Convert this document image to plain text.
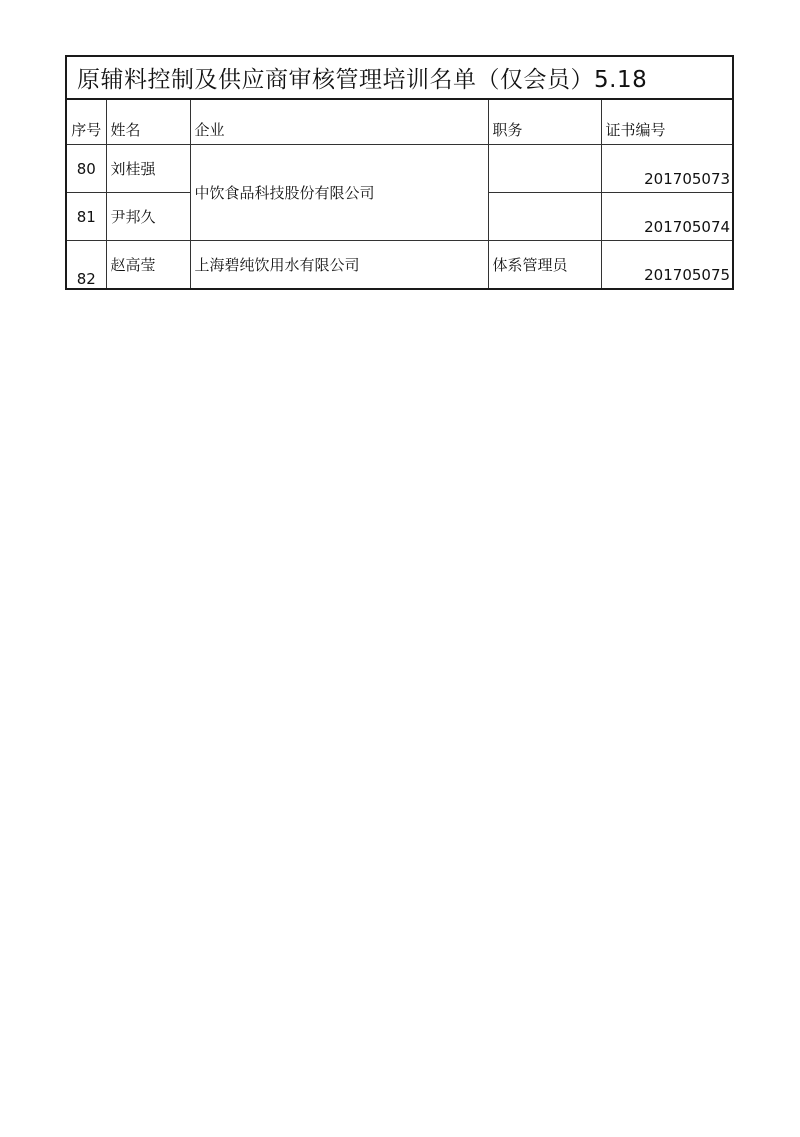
原辅料控制及供应商审核管理培训名单（仅会员）5.18				
序号	姓名	企业	职务	证书编号
80	刘桂强	中饮食品科技股份有限公司		201705073
81	尹邦久			201705074
82	赵高莹	上海碧纯饮用水有限公司	体系管理员	201705075
